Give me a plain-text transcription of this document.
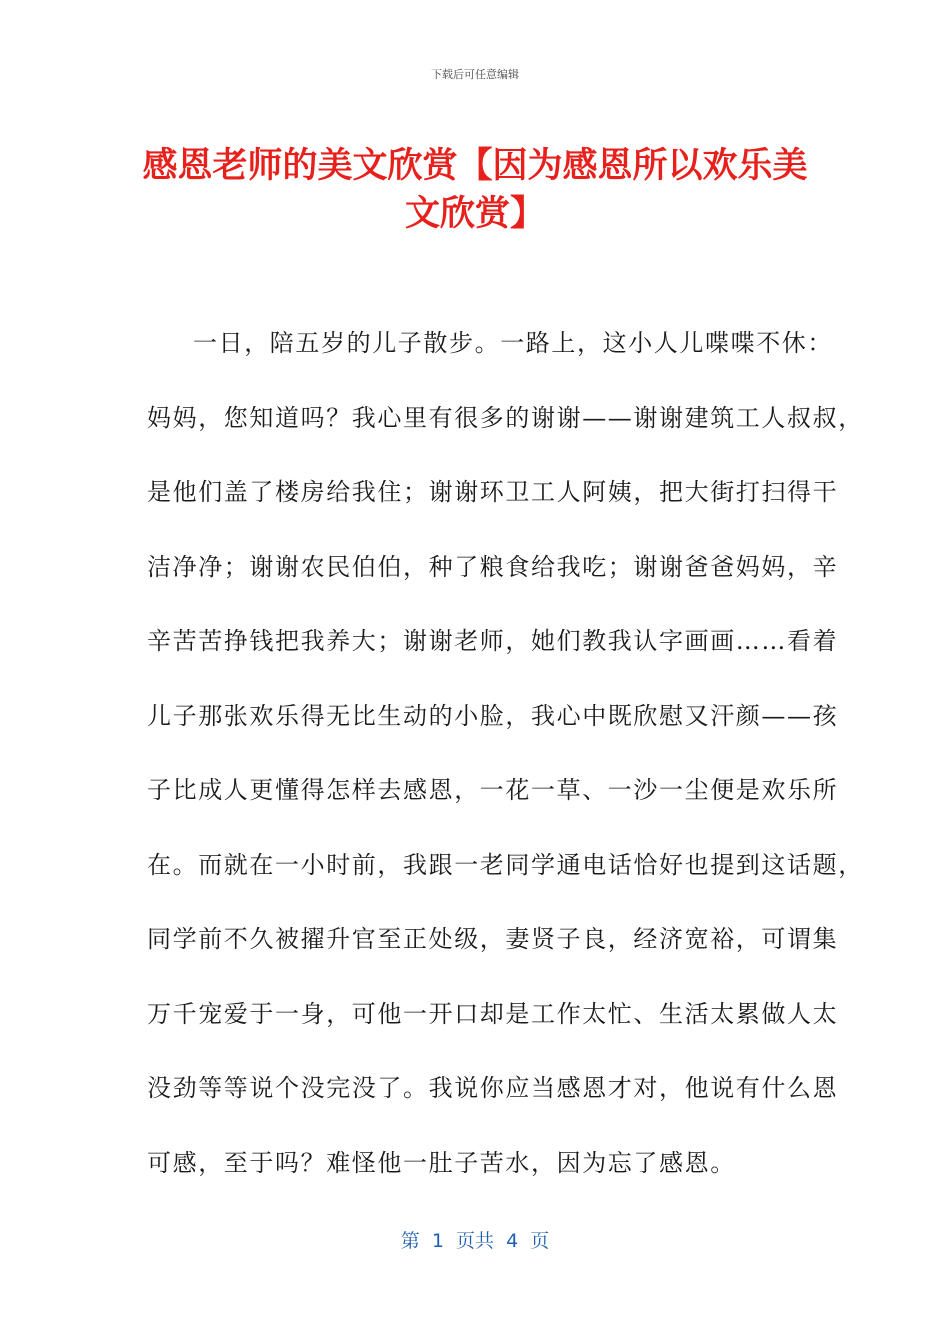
下载后可任意编辑
感恩老师的美文欣赏【因为感恩所以欢乐美
文欣赏】
一日，陪五岁的儿子散步。一路上，这小人儿喋喋不休：
妈妈，您知道吗？我心里有很多的谢谢——谢谢建筑工人叔叔，
是他们盖了楼房给我住；谢谢环卫工人阿姨，把大街打扫得干
洁净净；谢谢农民伯伯，种了粮食给我吃；谢谢爸爸妈妈，辛
辛苦苦挣钱把我养大；谢谢老师，她们教我认字画画……看着
儿子那张欢乐得无比生动的小脸，我心中既欣慰又汗颜——孩
子比成人更懂得怎样去感恩，一花一草、一沙一尘便是欢乐所
在。而就在一小时前，我跟一老同学通电话恰好也提到这话题，
同学前不久被擢升官至正处级，妻贤子良，经济宽裕，可谓集
万千宠爱于一身，可他一开口却是工作太忙、生活太累做人太
没劲等等说个没完没了。我说你应当感恩才对，他说有什么恩
可感，至于吗？难怪他一肚子苦水，因为忘了感恩。
第  1  页共  4  页
